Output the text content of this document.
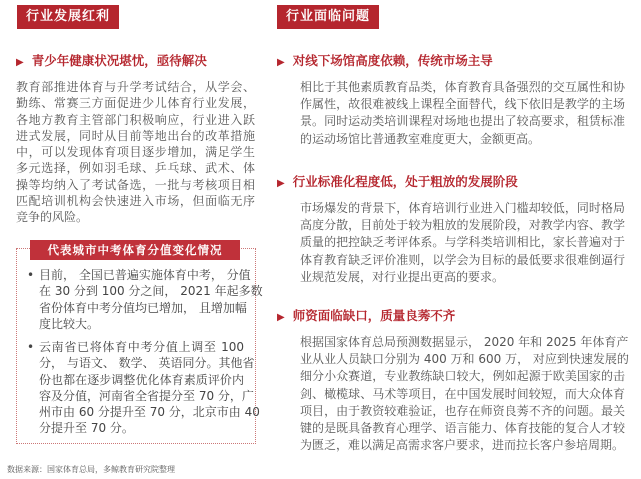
行业发展红利
▶ 青少年健康状况堪忧，亟待解决
教育部推进体育与升学考试结合，从学会、
勤练、常赛三方面促进少儿体育行业发展，
各地方教育主管部门积极响应，行业进入跃
进式发展，同时从目前等地出台的改革措施
中，可以发现体育项目逐步增加，满足学生
多元选择，例如羽毛球、乒乓球、武术、体
操等均纳入了考试备选，一批与考核项目相
匹配培训机构会快速进入市场，但面临无序
竞争的风险。
代表城市中考体育分值变化情况
• 目前， 全国已普遍实施体育中考， 分值
在 30 分到 100 分之间， 2021 年起多数
省份体育中考分值均已增加， 且增加幅
度比较大。
• 云南省已将体育中考分值上调至 100
分， 与语文、 数学、 英语同分。其他省
份也都在逐步调整优化体育素质评价内
容及分值，河南省全省提分至 70 分，广
州市由 60 分提升至 70 分，北京市由 40
分提升至 70 分。
数据来源：国家体育总局，多鲸教育研究院整理
行业面临问题
▶ 对线下场馆高度依赖，传统市场主导
相比于其他素质教育品类，体育教育具备强烈的交互属性和协
作属性，故很难被线上课程全面替代，线下依旧是教学的主场
景。同时运动类培训课程对场地也提出了较高要求，租赁标准
的运动场馆比普通教室难度更大，金额更高。
▶ 行业标准化程度低，处于粗放的发展阶段
市场爆发的背景下，体育培训行业进入门槛却较低，同时格局
高度分散，目前处于较为粗放的发展阶段，对教学内容、教学
质量的把控缺乏考评体系。与学科类培训相比，家长普遍对于
体育教育缺乏评价准则，以学会为目标的最低要求很难倒逼行
业规范发展，对行业提出更高的要求。
▶ 师资面临缺口，质量良莠不齐
根据国家体育总局预测数据显示， 2020 年和 2025 年体育产
业从业人员缺口分别为 400 万和 600 万， 对应到快速发展的
细分小众赛道，专业教练缺口较大，例如起源于欧美国家的击
剑、橄榄球、马术等项目，在中国发展时间较短，而大众体育
项目，由于教资较难验证，也存在师资良莠不齐的问题。最关
键的是既具备教育心理学、语言能力、体育技能的复合人才较
为匮乏，难以满足高需求客户要求，进而拉长客户参培周期。
